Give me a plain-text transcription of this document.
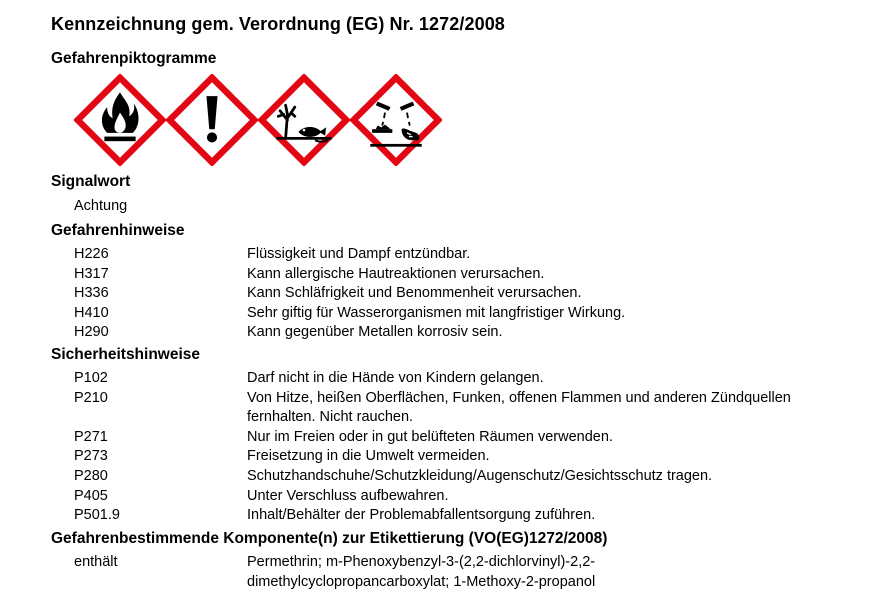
Kennzeichnung gem. Verordnung (EG) Nr. 1272/2008
Gefahrenpiktogramme
Signalwort
Achtung
Gefahrenhinweise
H226	Flüssigkeit und Dampf entzündbar.
H317	Kann allergische Hautreaktionen verursachen.
H336	Kann Schläfrigkeit und Benommenheit verursachen.
H410	Sehr giftig für Wasserorganismen mit langfristiger Wirkung.
H290	Kann gegenüber Metallen korrosiv sein.
Sicherheitshinweise
P102	Darf nicht in die Hände von Kindern gelangen.
P210	Von Hitze, heißen Oberflächen, Funken, offenen Flammen und anderen Zündquellen fernhalten. Nicht rauchen.
P271	Nur im Freien oder in gut belüfteten Räumen verwenden.
P273	Freisetzung in die Umwelt vermeiden.
P280	Schutzhandschuhe/Schutzkleidung/Augenschutz/Gesichtsschutz tragen.
P405	Unter Verschluss aufbewahren.
P501.9	Inhalt/Behälter der Problemabfallentsorgung zuführen.
Gefahrenbestimmende Komponente(n) zur Etikettierung (VO(EG)1272/2008)
enthält	Permethrin; m-Phenoxybenzyl-3-(2,2-dichlorvinyl)-2,2-dimethylcyclopropancarboxylat; 1-Methoxy-2-propanol
